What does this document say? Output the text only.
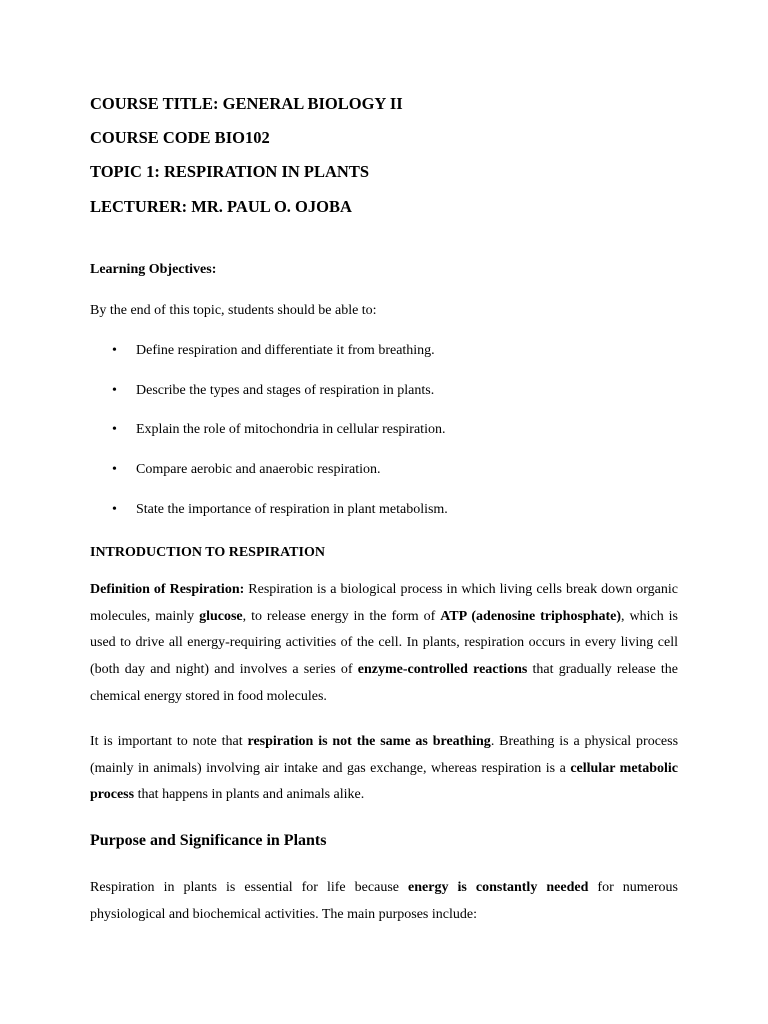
COURSE TITLE: GENERAL BIOLOGY II
COURSE CODE BIO102
TOPIC 1: RESPIRATION IN PLANTS
LECTURER: MR. PAUL O. OJOBA
Learning Objectives:
By the end of this topic, students should be able to:
• Define respiration and differentiate it from breathing.
• Describe the types and stages of respiration in plants.
• Explain the role of mitochondria in cellular respiration.
• Compare aerobic and anaerobic respiration.
• State the importance of respiration in plant metabolism.
INTRODUCTION TO RESPIRATION

Definition of Respiration: Respiration is a biological process in which living cells break down organic molecules, mainly glucose, to release energy in the form of ATP (adenosine triphosphate), which is used to drive all energy-requiring activities of the cell. In plants, respiration occurs in every living cell (both day and night) and involves a series of enzyme-controlled reactions that gradually release the chemical energy stored in food molecules.

It is important to note that respiration is not the same as breathing. Breathing is a physical process (mainly in animals) involving air intake and gas exchange, whereas respiration is a cellular metabolic process that happens in plants and animals alike.

Purpose and Significance in Plants

Respiration in plants is essential for life because energy is constantly needed for numerous physiological and biochemical activities. The main purposes include:
